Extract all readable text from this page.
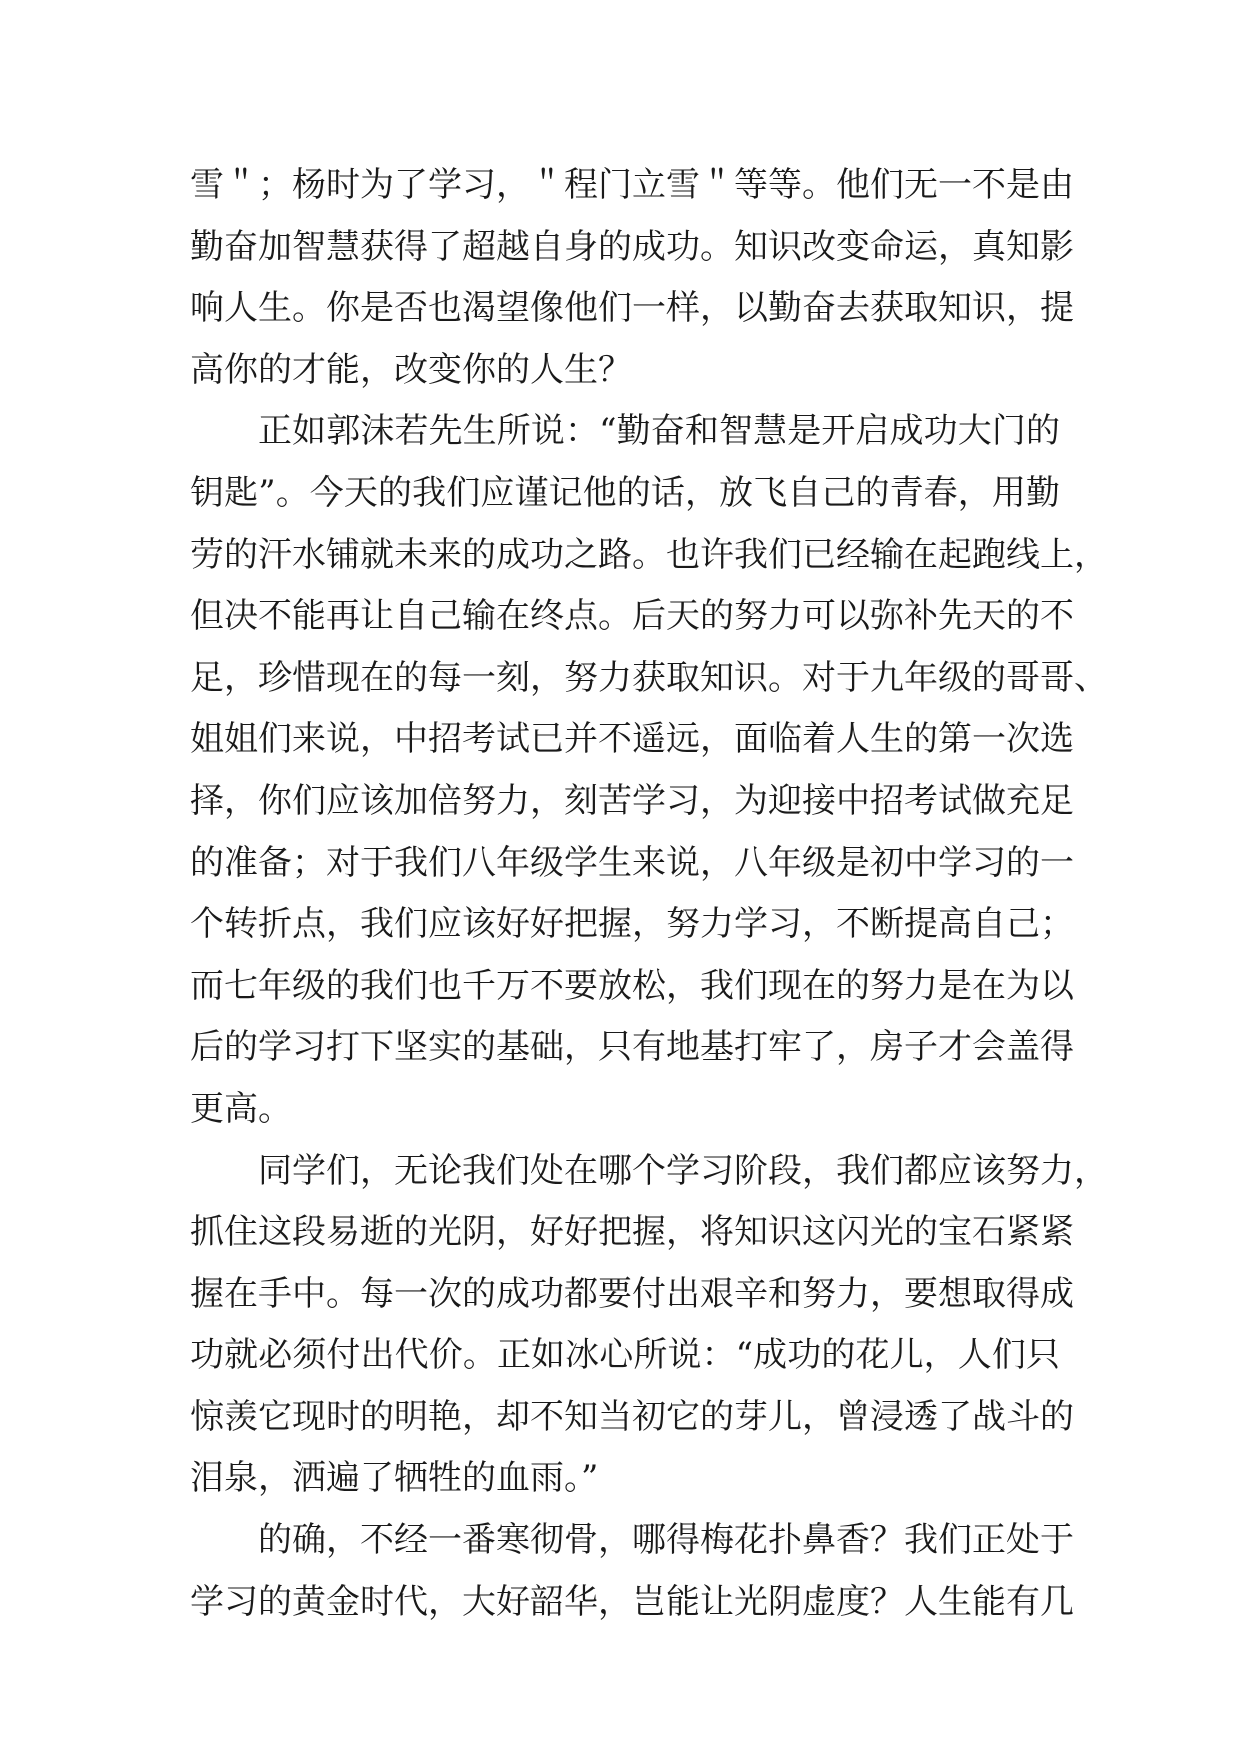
雪＂；杨时为了学习，＂程门立雪＂等等。他们无一不是由
勤奋加智慧获得了超越自身的成功。知识改变命运，真知影
响人生。你是否也渴望像他们一样，以勤奋去获取知识，提
高你的才能，改变你的人生？
正如郭沫若先生所说：“勤奋和智慧是开启成功大门的
钥匙”。今天的我们应谨记他的话，放飞自己的青春，用勤
劳的汗水铺就未来的成功之路。也许我们已经输在起跑线上，
但决不能再让自己输在终点。后天的努力可以弥补先天的不
足，珍惜现在的每一刻，努力获取知识。对于九年级的哥哥、
姐姐们来说，中招考试已并不遥远，面临着人生的第一次选
择，你们应该加倍努力，刻苦学习，为迎接中招考试做充足
的准备；对于我们八年级学生来说，八年级是初中学习的一
个转折点，我们应该好好把握，努力学习，不断提高自己；
而七年级的我们也千万不要放松，我们现在的努力是在为以
后的学习打下坚实的基础，只有地基打牢了，房子才会盖得
更高。
同学们，无论我们处在哪个学习阶段，我们都应该努力，
抓住这段易逝的光阴，好好把握，将知识这闪光的宝石紧紧
握在手中。每一次的成功都要付出艰辛和努力，要想取得成
功就必须付出代价。正如冰心所说：“成功的花儿，人们只
惊羡它现时的明艳，却不知当初它的芽儿，曾浸透了战斗的
泪泉，洒遍了牺牲的血雨。”
的确，不经一番寒彻骨，哪得梅花扑鼻香？我们正处于
学习的黄金时代，大好韶华，岂能让光阴虚度？人生能有几
